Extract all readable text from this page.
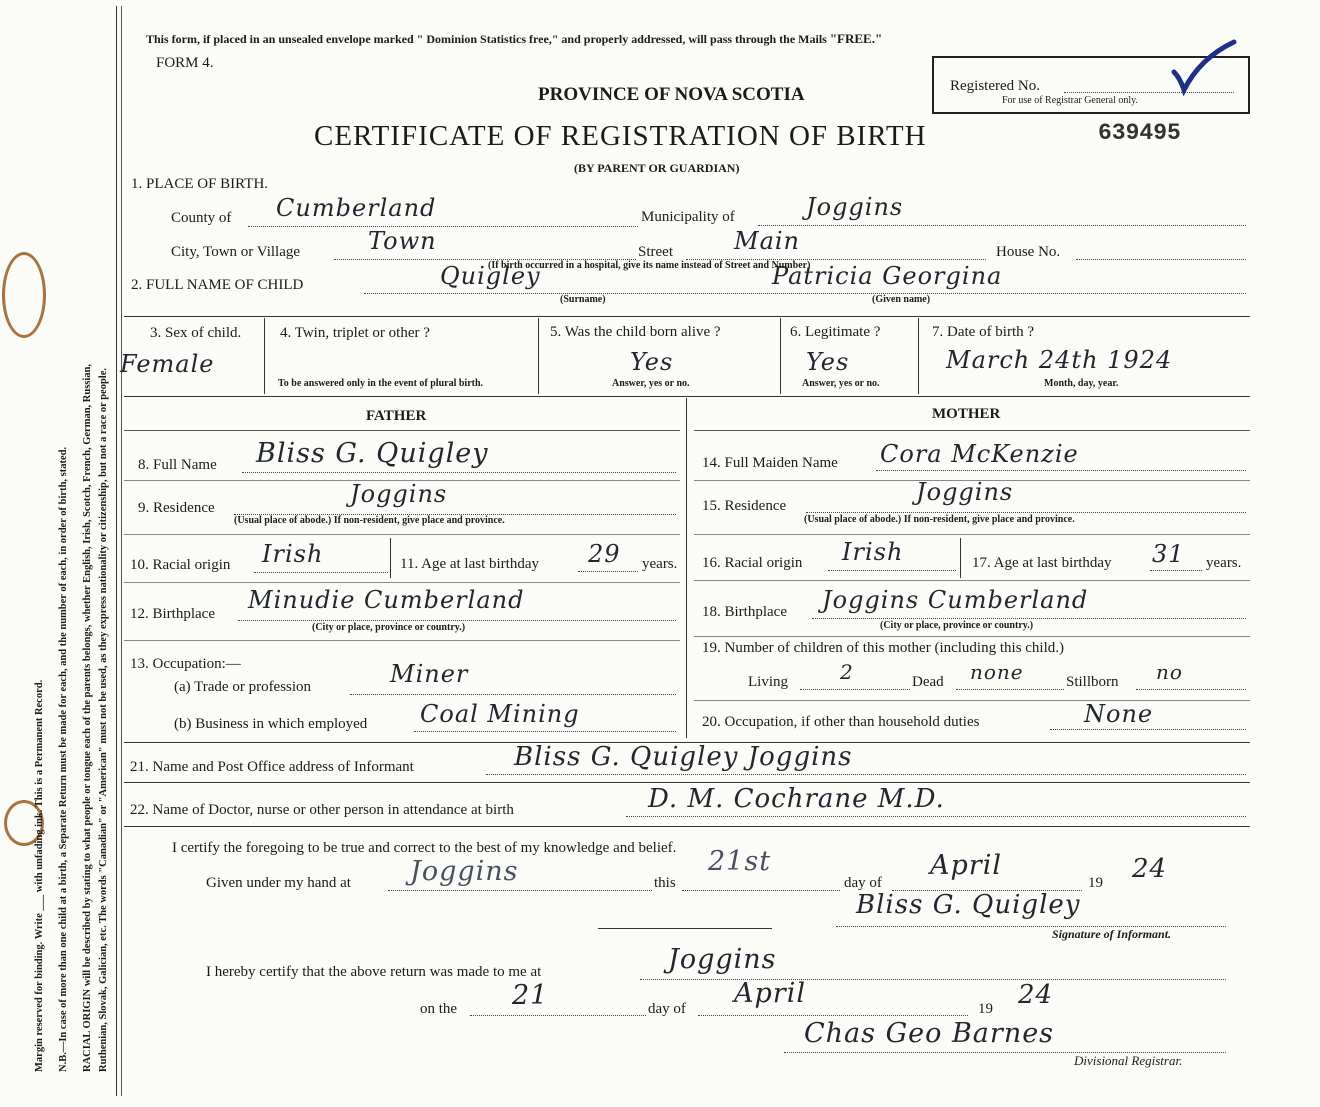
Margin reserved for binding. Write ___ with unfading ink. This is a Permanent Record. N.B.—In case of more than one child at a birth, a Separate Return must be made for each, and the number of each, in order of birth, stated. RACIAL ORIGIN will be described by stating to what people or tongue each of the parents belongs, whether English, Irish, Scotch, French, German, Russian, Ruthenian, Slovak, Galician, etc. The words "Canadian" or "American" must not be used, as they express nationality or citizenship, but not a race or people.
This form, if placed in an unsealed envelope marked " Dominion Statistics free," and properly addressed, will pass through the Mails "FREE."
FORM 4.
Registered No.
For use of Registrar General only.
PROVINCE OF NOVA SCOTIA
CERTIFICATE OF REGISTRATION OF BIRTH
(BY PARENT OR GUARDIAN)
639495
1. PLACE OF BIRTH.
County of Cumberland	Municipality of	Joggins
City, Town or Village	Town	Street	Main	House No.
(If birth occurred in a hospital, give its name instead of Street and Number)
2. FULL NAME OF CHILD	Quigley
(Surname)
Patricia Georgina
(Given name)
3. Sex of child.
Female
4. Twin, triplet or other ?
To be answered only in the event of plural birth.
5. Was the child born alive ?
Yes
Answer, yes or no.
6. Legitimate ?
Yes
Answer, yes or no.
7. Date of birth ?
March 24th 1924
Month, day, year.
FATHER	MOTHER
8. Full Name Bliss G. Quigley
9. Residence	Joggins
(Usual place of abode.) If non-resident, give place and province.
10. Racial origin Irish	11. Age at last birthday 29 years.
12. Birthplace Minudie Cumberland
(City or place, province or country.)
13. Occupation:—
(a) Trade or profession	Miner
(b) Business in which employed Coal Mining
14. Full Maiden Name Cora McKenzie
15. Residence	Joggins
(Usual place of abode.) If non-resident, give place and province.
16. Racial origin Irish	17. Age at last birthday 31 years.
18. Birthplace Joggins Cumberland
(City or place, province or country.)
19. Number of children of this mother (including this child.)
Living	2	Dead none	Stillborn no
20. Occupation, if other than household duties	None
21. Name and Post Office address of Informant	Bliss G. Quigley Joggins
22. Name of Doctor, nurse or other person in attendance at birth	D. M. Cochrane M.D.
I certify the foregoing to be true and correct to the best of my knowledge and belief.
Given under my hand at Joggins	this
21st
day of
April
19 24
Bliss G. Quigley
Signature of Informant.
I hereby certify that the above return was made to me at	Joggins
on the 21	day of April	19 24
Chas Geo Barnes
Divisional Registrar.
